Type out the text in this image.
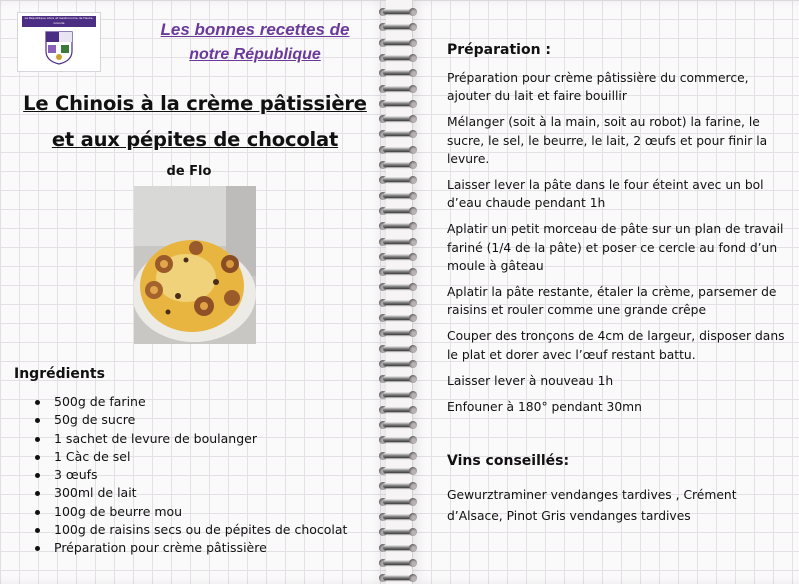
La République Libre et Gastronome de Haute-Grande	Les bonnes recettes de
notre République
Le Chinois à la crème pâtissière
et aux pépites de chocolat
de Flo
Ingrédients
500g de farine
50g de sucre
1 sachet de levure de boulanger
1 Càc de sel
3 œufs
300ml de lait
100g de beurre mou
100g de raisins secs ou de pépites de chocolat
Préparation pour crème pâtissière
Préparation :

Préparation pour crème pâtissière du commerce, ajouter du lait et faire bouillir

Mélanger (soit à la main, soit au robot) la farine, le sucre, le sel, le beurre, le lait, 2 œufs et pour finir la levure.

Laisser lever la pâte dans le four éteint avec un bol d’eau chaude pendant 1h

Aplatir un petit morceau de pâte sur un plan de travail fariné (1/4 de la pâte) et poser ce cercle au fond d’un moule à gâteau

Aplatir la pâte restante, étaler la crème, parsemer de raisins et rouler comme une grande crêpe

Couper des tronçons de 4cm de largeur, disposer dans le plat et dorer avec l’œuf restant battu.

Laisser lever à nouveau 1h

Enfouner à 180° pendant 30mn

Vins conseillés:

Gewurztraminer vendanges tardives , Crément d’Alsace, Pinot Gris vendanges tardives
